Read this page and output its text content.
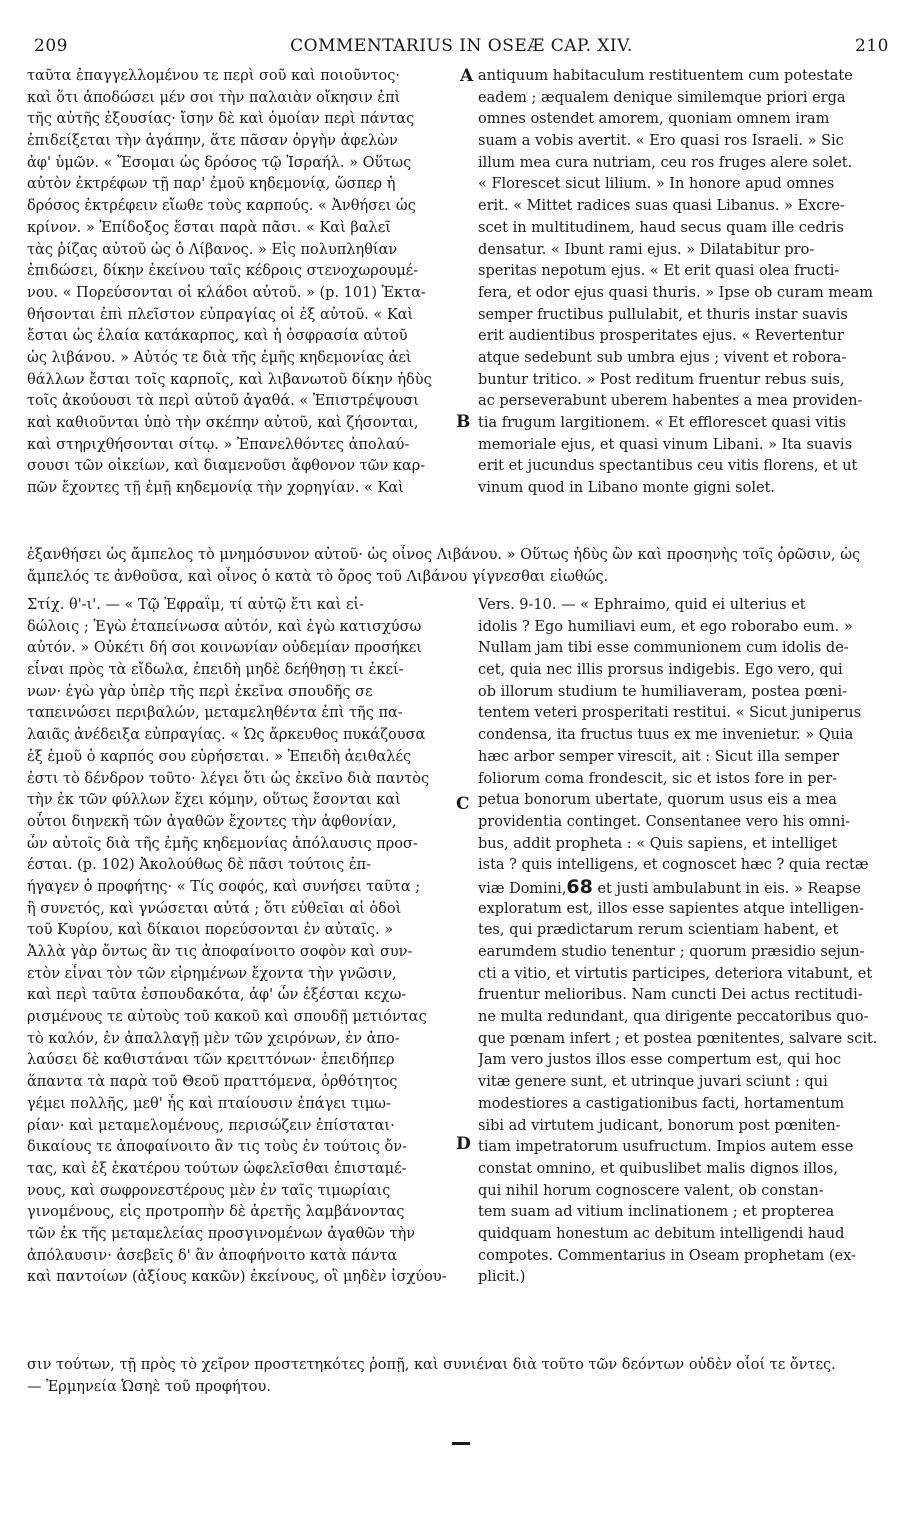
209	COMMENTARIUS IN OSEÆ CAP. XIV.	210
ταῦτα ἐπαγγελλομένου τε περὶ σοῦ καὶ ποιοῦντος·
καὶ ὅτι ἀποδώσει μέν σοι τὴν παλαιὰν οἴκησιν ἐπὶ
τῆς αὐτῆς ἐξουσίας· ἴσην δὲ καὶ ὁμοίαν περὶ πάντας
ἐπιδείξεται τὴν ἀγάπην, ἅτε πᾶσαν ὀργὴν ἀφελὼν
ἀφ' ὑμῶν. « Ἔσομαι ὡς δρόσος τῷ Ἰσραήλ. » Οὕτως
αὐτὸν ἐκτρέφων τῇ παρ' ἐμοῦ κηδεμονίᾳ, ὥσπερ ἡ
δρόσος ἐκτρέφειν εἴωθε τοὺς καρπούς. « Ἀνθήσει ὡς
κρίνον. » Ἐπίδοξος ἔσται παρὰ πᾶσι. « Καὶ βαλεῖ
τὰς ῥίζας αὐτοῦ ὡς ὁ Λίβανος. » Εἰς πολυπληθίαν
ἐπιδώσει, δίκην ἐκείνου ταῖς κέδροις στενοχωρουμέ-
νου. « Πορεύσονται οἱ κλάδοι αὐτοῦ. » (p. 101) Ἐκτα-
θήσονται ἐπὶ πλεῖστον εὐπραγίας οἱ ἐξ αὐτοῦ. « Καὶ
ἔσται ὡς ἐλαία κατάκαρπος, καὶ ἡ ὀσφρασία αὐτοῦ
ὡς λιβάνου. » Αὐτός τε διὰ τῆς ἐμῆς κηδεμονίας ἀεὶ
θάλλων ἔσται τοῖς καρποῖς, καὶ λιβανωτοῦ δίκην ἡδὺς
τοῖς ἀκούουσι τὰ περὶ αὐτοῦ ἀγαθά. « Ἐπιστρέψουσι
καὶ καθιοῦνται ὑπὸ τὴν σκέπην αὐτοῦ, καὶ ζήσονται,
καὶ στηριχθήσονται σίτῳ. » Ἐπανελθόντες ἀπολαύ-
σουσι τῶν οἰκείων, καὶ διαμενοῦσι ἄφθονον τῶν καρ-
πῶν ἔχοντες τῇ ἐμῇ κηδεμονίᾳ τὴν χορηγίαν. « Καὶ
antiquum habitaculum restituentem cum potestate
eadem ; æqualem denique similemque priori erga
omnes ostendet amorem, quoniam omnem iram
suam a vobis avertit. « Ero quasi ros Israeli. » Sic
illum mea cura nutriam, ceu ros fruges alere solet.
« Florescet sicut lilium. » In honore apud omnes
erit. « Mittet radices suas quasi Libanus. » Excre-
scet in multitudinem, haud secus quam ille cedris
densatur. « Ibunt rami ejus. » Dilatabitur pro-
speritas nepotum ejus. « Et erit quasi olea fructi-
fera, et odor ejus quasi thuris. » Ipse ob curam meam
semper fructibus pullulabit, et thuris instar suavis
erit audientibus prosperitates ejus. « Revertentur
atque sedebunt sub umbra ejus ; vivent et robora-
buntur tritico. » Post reditum fruentur rebus suis,
ac perseverabunt uberem habentes a mea providen-
tia frugum largitionem. « Et efflorescet quasi vitis
memoriale ejus, et quasi vinum Libani. » Ita suavis
erit et jucundus spectantibus ceu vitis florens, et ut
vinum quod in Libano monte gigni solet.
A
B
C
D
ἐξανθήσει ὡς ἄμπελος τὸ μνημόσυνον αὐτοῦ· ὡς οἶνος Λιβάνου. » Οὕτως ἡδὺς ὢν καὶ προσηνὴς τοῖς ὁρῶσιν, ὡς
ἄμπελός τε ἀνθοῦσα, καὶ οἶνος ὁ κατὰ τὸ ὄρος τοῦ Λιβάνου γίγνεσθαι εἰωθώς.
Στίχ. θ'-ι'. — « Τῷ Ἐφραΐμ, τί αὐτῷ ἔτι καὶ εἰ-
δώλοις ; Ἐγὼ ἐταπείνωσα αὐτόν, καὶ ἐγὼ κατισχύσω
αὐτόν. » Οὐκέτι δή σοι κοινωνίαν οὐδεμίαν προσήκει
εἶναι πρὸς τὰ εἴδωλα, ἐπειδὴ μηδὲ δεήθησῃ τι ἐκεί-
νων· ἐγὼ γὰρ ὑπὲρ τῆς περὶ ἐκεῖνα σπουδῆς σε
ταπεινώσει περιβαλών, μεταμεληθέντα ἐπὶ τῆς πα-
λαιᾶς ἀνέδειξα εὐπραγίας. « Ὡς ἄρκευθος πυκάζουσα
ἐξ ἐμοῦ ὁ καρπός σου εὑρήσεται. » Ἐπειδὴ ἀειθαλές
ἐστι τὸ δένδρον τοῦτο· λέγει ὅτι ὡς ἐκεῖνο διὰ παντὸς
τὴν ἐκ τῶν φύλλων ἔχει κόμην, οὕτως ἔσονται καὶ
οὗτοι διηνεκῆ τῶν ἀγαθῶν ἔχοντες τὴν ἀφθονίαν,
ὧν αὐτοῖς διὰ τῆς ἐμῆς κηδεμονίας ἀπόλαυσις προσ-
έσται. (p. 102) Ἀκολούθως δὲ πᾶσι τούτοις ἐπ-
ήγαγεν ὁ προφήτης· « Τίς σοφός, καὶ συνήσει ταῦτα ;
ἢ συνετός, καὶ γνώσεται αὐτά ; ὅτι εὐθεῖαι αἱ ὁδοὶ
τοῦ Κυρίου, καὶ δίκαιοι πορεύσονται ἐν αὐταῖς. »
Ἀλλὰ γὰρ ὄντως ἂν τις ἀποφαίνοιτο σοφὸν καὶ συν-
ετὸν εἶναι τὸν τῶν εἰρημένων ἔχοντα τὴν γνῶσιν,
καὶ περὶ ταῦτα ἐσπουδακότα, ἀφ' ὧν ἐξέσται κεχω-
ρισμένους τε αὐτοὺς τοῦ κακοῦ καὶ σπουδῇ μετιόντας
τὸ καλόν, ἐν ἀπαλλαγῇ μὲν τῶν χειρόνων, ἐν ἀπο-
λαύσει δὲ καθιστάναι τῶν κρειττόνων· ἐπειδήπερ
ἅπαντα τὰ παρὰ τοῦ Θεοῦ πραττόμενα, ὀρθότητος
γέμει πολλῆς, μεθ' ἧς καὶ πταίουσιν ἐπάγει τιμω-
ρίαν· καὶ μεταμελομένους, περισώζειν ἐπίσταται·
δικαίους τε ἀποφαίνοιτο ἂν τις τοὺς ἐν τούτοις ὄν-
τας, καὶ ἐξ ἑκατέρου τούτων ὠφελεῖσθαι ἐπισταμέ-
νους, καὶ σωφρονεστέρους μὲν ἐν ταῖς τιμωρίαις
γινομένους, εἰς προτροπὴν δὲ ἀρετῆς λαμβάνοντας
τῶν ἐκ τῆς μεταμελείας προσγινομένων ἀγαθῶν τὴν
ἀπόλαυσιν· ἀσεβεῖς δ' ἂν ἀποφήνοιτο κατὰ πάντα
καὶ παντοίων (ἀξίους κακῶν) ἐκείνους, οἳ μηδὲν ἰσχύου-
Vers. 9-10. — « Ephraimo, quid ei ulterius et
idolis ? Ego humiliavi eum, et ego roborabo eum. »
Nullam jam tibi esse communionem cum idolis de-
cet, quia nec illis prorsus indigebis. Ego vero, qui
ob illorum studium te humiliaveram, postea pœni-
tentem veteri prosperitati restitui. « Sicut juniperus
condensa, ita fructus tuus ex me invenietur. » Quia
hæc arbor semper virescit, ait : Sicut illa semper
foliorum coma frondescit, sic et istos fore in per-
petua bonorum ubertate, quorum usus eis a mea
providentia continget. Consentanee vero his omni-
bus, addit propheta : « Quis sapiens, et intelliget
ista ? quis intelligens, et cognoscet hæc ? quia rectæ
viæ Domini,68 et justi ambulabunt in eis. » Reapse
exploratum est, illos esse sapientes atque intelligen-
tes, qui prædictarum rerum scientiam habent, et
earumdem studio tenentur ; quorum præsidio sejun-
cti a vitio, et virtutis participes, deteriora vitabunt, et
fruentur melioribus. Nam cuncti Dei actus rectitudi-
ne multa redundant, qua dirigente peccatoribus quo-
que pœnam infert ; et postea pœnitentes, salvare scit.
Jam vero justos illos esse compertum est, qui hoc
vitæ genere sunt, et utrinque juvari sciunt : qui
modestiores a castigationibus facti, hortamentum
sibi ad virtutem judicant, bonorum post pœniten-
tiam impetratorum usufructum. Impios autem esse
constat omnino, et quibuslibet malis dignos illos,
qui nihil horum cognoscere valent, ob constan-
tem suam ad vitium inclinationem ; et propterea
quidquam honestum ac debitum intelligendi haud
compotes. Commentarius in Oseam prophetam (ex-
plicit.)
σιν τούτων, τῇ πρὸς τὸ χεῖρον προστετηκότες ῥοπῇ, καὶ συνιέναι διὰ τοῦτο τῶν δεόντων οὐδὲν οἷοί τε ὄντες.
— Ἑρμηνεία Ὡσηὲ τοῦ προφήτου.
